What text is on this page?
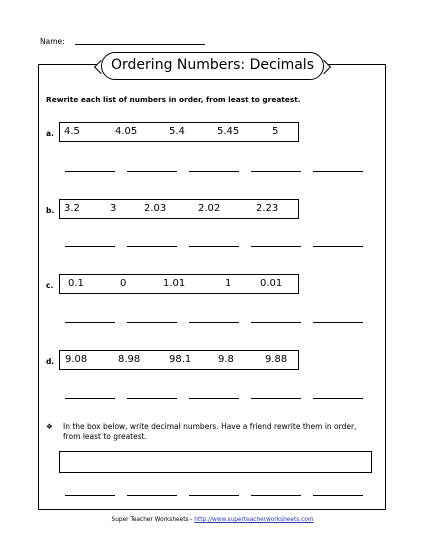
Name:
Ordering Numbers: Decimals
Rewrite each list of numbers in order, from least to greatest.
a. 4.5	4.05	5.4	5.45	5
b. 3.2	3	2.03	2.02	2.23
c. 0.1	0	1.01	1	0.01
d. 9.08	8.98	98.1	9.8	9.88
❖ In the box below, write decimal numbers. Have a friend rewrite them in order, from least to greatest.
Super Teacher Worksheets - http://www.superteacherworksheets.com
